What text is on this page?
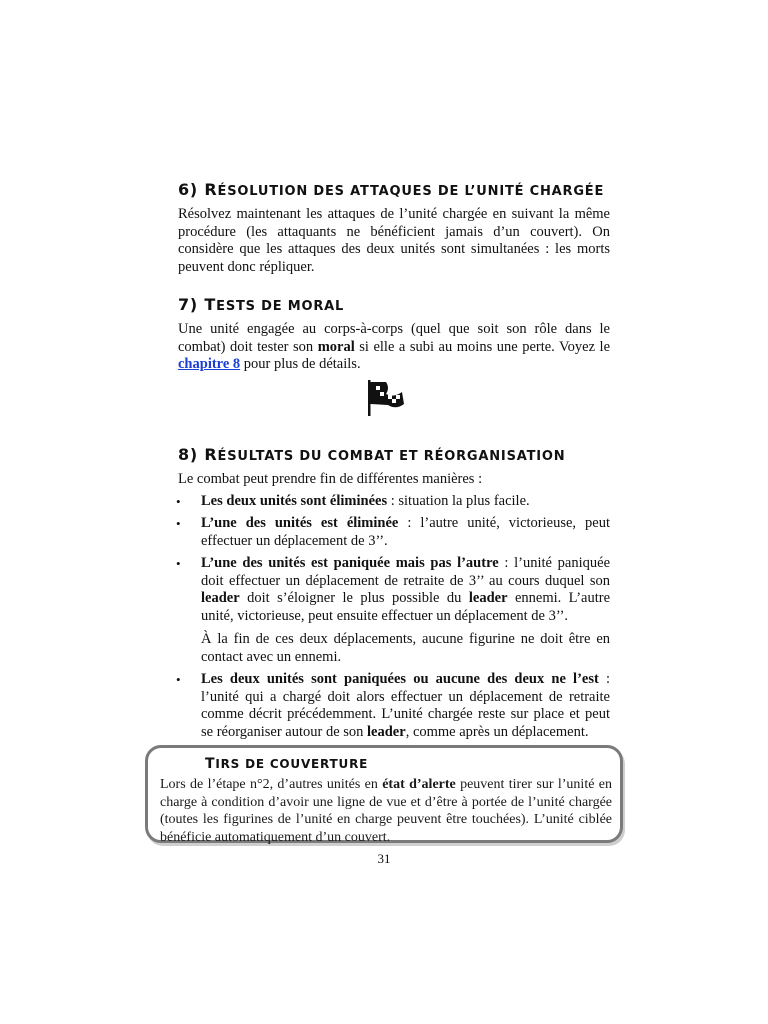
6) RÉSOLUTION DES ATTAQUES DE L’UNITÉ CHARGÉE

Résolvez maintenant les attaques de l’unité chargée en suivant la même procédure (les attaquants ne bénéficient jamais d’un couvert). On considère que les attaques des deux unités sont simultanées : les morts peuvent donc répliquer.

7) TESTS DE MORAL

Une unité engagée au corps-à-corps (quel que soit son rôle dans le combat) doit tester son moral si elle a subi au moins une perte. Voyez le chapitre 8 pour plus de détails.

8) RÉSULTATS DU COMBAT ET RÉORGANISATION

Le combat peut prendre fin de différentes manières :

• Les deux unités sont éliminées : situation la plus facile.
• L’une des unités est éliminée : l’autre unité, victorieuse, peut effectuer un déplacement de 3’’.
• L’une des unités est paniquée mais pas l’autre : l’unité paniquée doit effectuer un déplacement de retraite de 3’’ au cours duquel son leader doit s’éloigner le plus possible du leader ennemi. L’autre unité, victorieuse, peut ensuite effectuer un déplacement de 3’’.
À la fin de ces deux déplacements, aucune figurine ne doit être en contact avec un ennemi.
• Les deux unités sont paniquées ou aucune des deux ne l’est : l’unité qui a chargé doit alors effectuer un déplacement de retraite comme décrit précédemment. L’unité chargée reste sur place et peut se réorganiser autour de son leader, comme après un déplacement.
TIRS DE COUVERTURE
Lors de l’étape n°2, d’autres unités en état d’alerte peuvent tirer sur l’unité en charge à condition d’avoir une ligne de vue et d’être à portée de l’unité chargée (toutes les figurines de l’unité en charge peuvent être touchées). L’unité ciblée bénéficie automatiquement d’un couvert.
31
